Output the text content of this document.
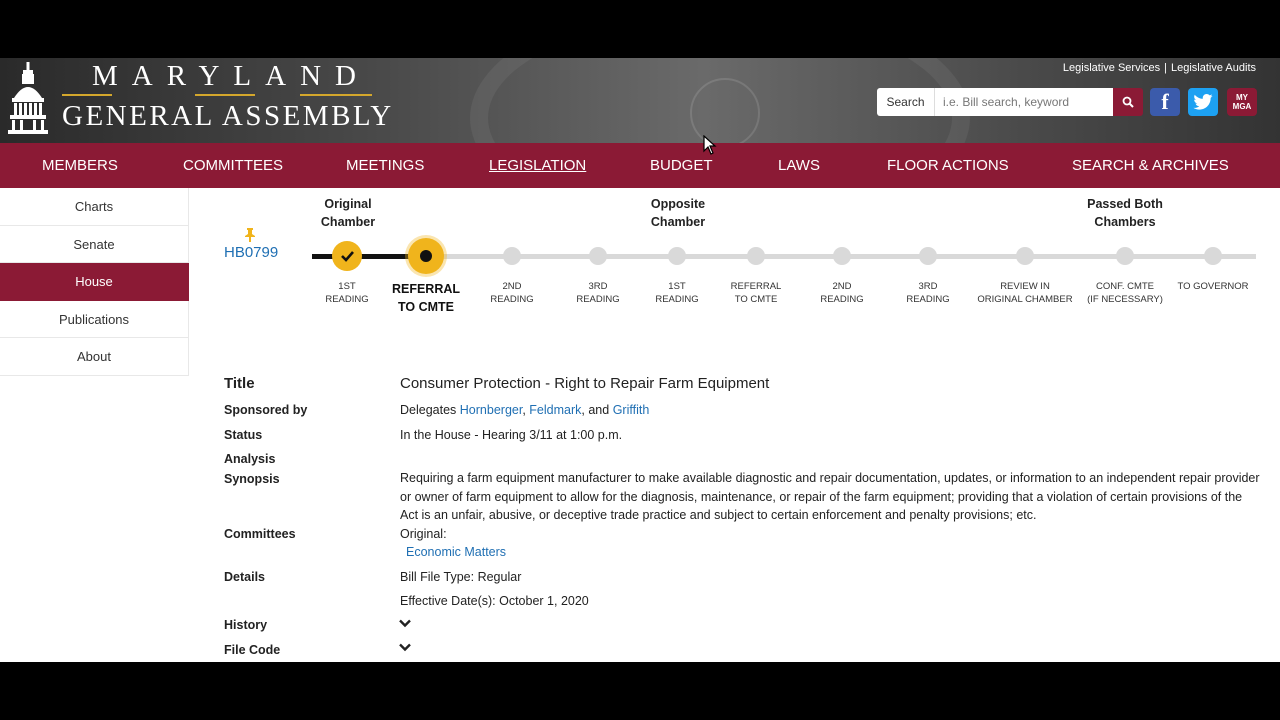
MARYLAND
GENERAL ASSEMBLY
Legislative Services | Legislative Audits
Search
i.e. Bill search, keyword	f	MY
MGA
MEMBERS	COMMITTEES	MEETINGS	LEGISLATION	BUDGET	LAWS	FLOOR ACTIONS	SEARCH & ARCHIVES
Charts
Senate
House
Publications
About
HB0799
Original
Chamber
Opposite
Chamber
Passed Both
Chambers
1ST
READING
REFERRAL
TO CMTE
2ND
READING
3RD
READING
1ST
READING
REFERRAL
TO CMTE
2ND
READING
3RD
READING
REVIEW IN
ORIGINAL CHAMBER
CONF. CMTE
(IF NECESSARY)
TO GOVERNOR
Title	Consumer Protection - Right to Repair Farm Equipment
Sponsored by	Delegates Hornberger, Feldmark, and Griffith
Status	In the House - Hearing 3/11 at 1:00 p.m.
Analysis
Synopsis	Requiring a farm equipment manufacturer to make available diagnostic and repair documentation, updates, or information to an independent repair provider or owner of farm equipment to allow for the diagnosis, maintenance, or repair of the farm equipment; providing that a violation of certain provisions of the Act is an unfair, abusive, or deceptive trade practice and subject to certain enforcement and penalty provisions; etc.
Committees	Original:
Economic Matters
Details	Bill File Type: Regular
Effective Date(s): October 1, 2020
History
File Code
